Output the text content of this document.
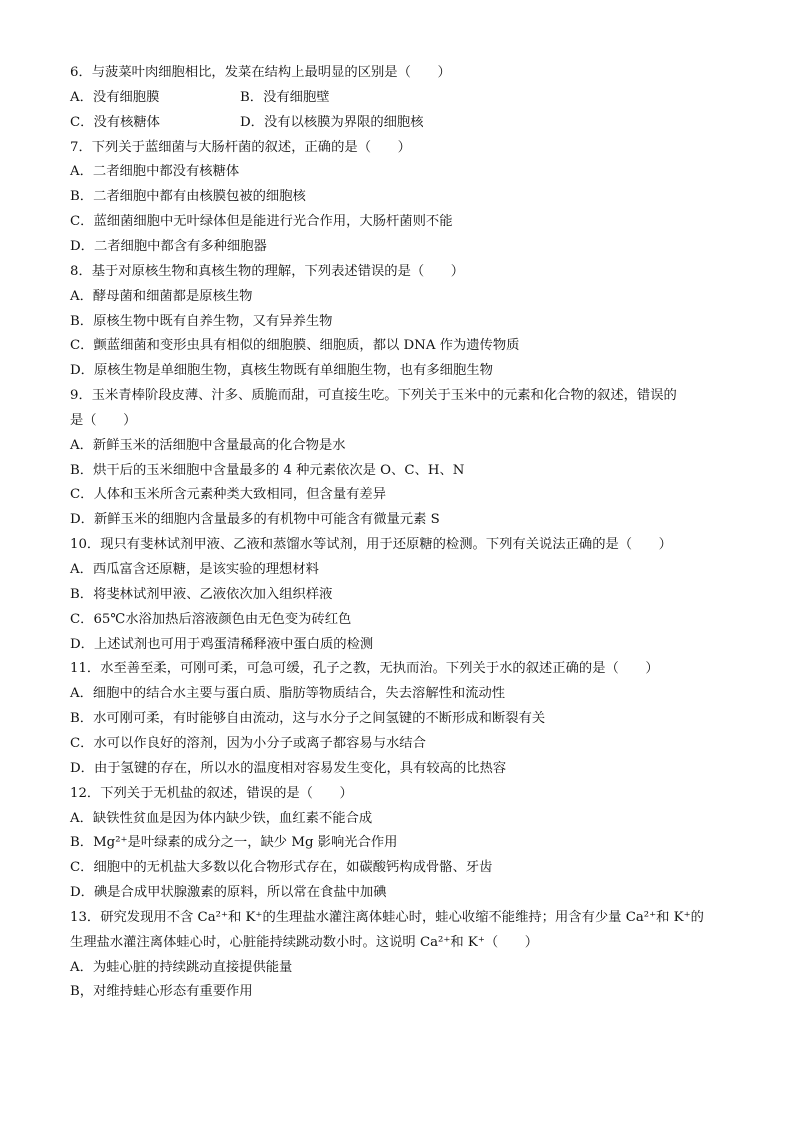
6．与菠菜叶肉细胞相比，发菜在结构上最明显的区别是（　　）
A．没有细胞膜	B．没有细胞壁
C．没有核糖体	D．没有以核膜为界限的细胞核
7．下列关于蓝细菌与大肠杆菌的叙述，正确的是（　　）
A．二者细胞中都没有核糖体
B．二者细胞中都有由核膜包被的细胞核
C．蓝细菌细胞中无叶绿体但是能进行光合作用，大肠杆菌则不能
D．二者细胞中都含有多种细胞器
8．基于对原核生物和真核生物的理解，下列表述错误的是（　　）
A．酵母菌和细菌都是原核生物
B．原核生物中既有自养生物，又有异养生物
C．颤蓝细菌和变形虫具有相似的细胞膜、细胞质，都以 DNA 作为遗传物质
D．原核生物是单细胞生物，真核生物既有单细胞生物，也有多细胞生物
9．玉米青棒阶段皮薄、汁多、质脆而甜，可直接生吃。下列关于玉米中的元素和化合物的叙述，错误的
是（　　）
A．新鲜玉米的活细胞中含量最高的化合物是水
B．烘干后的玉米细胞中含量最多的 4 种元素依次是 O、C、H、N
C．人体和玉米所含元素种类大致相同，但含量有差异
D．新鲜玉米的细胞内含量最多的有机物中可能含有微量元素 S
10．现只有斐林试剂甲液、乙液和蒸馏水等试剂，用于还原糖的检测。下列有关说法正确的是（　　）
A．西瓜富含还原糖，是该实验的理想材料
B．将斐林试剂甲液、乙液依次加入组织样液
C．65℃水浴加热后溶液颜色由无色变为砖红色
D．上述试剂也可用于鸡蛋清稀释液中蛋白质的检测
11．水至善至柔，可刚可柔，可急可缓，孔子之教，无执而治。下列关于水的叙述正确的是（　　）
A．细胞中的结合水主要与蛋白质、脂肪等物质结合，失去溶解性和流动性
B．水可刚可柔，有时能够自由流动，这与水分子之间氢键的不断形成和断裂有关
C．水可以作良好的溶剂，因为小分子或离子都容易与水结合
D．由于氢键的存在，所以水的温度相对容易发生变化，具有较高的比热容
12．下列关于无机盐的叙述，错误的是（　　）
A．缺铁性贫血是因为体内缺少铁，血红素不能合成
B．Mg²⁺是叶绿素的成分之一，缺少 Mg 影响光合作用
C．细胞中的无机盐大多数以化合物形式存在，如碳酸钙构成骨骼、牙齿
D．碘是合成甲状腺激素的原料，所以常在食盐中加碘
13．研究发现用不含 Ca²⁺和 K⁺的生理盐水灌注离体蛙心时，蛙心收缩不能维持；用含有少量 Ca²⁺和 K⁺的
生理盐水灌注离体蛙心时，心脏能持续跳动数小时。这说明 Ca²⁺和 K⁺（　　）
A．为蛙心脏的持续跳动直接提供能量
B，对维持蛙心形态有重要作用
